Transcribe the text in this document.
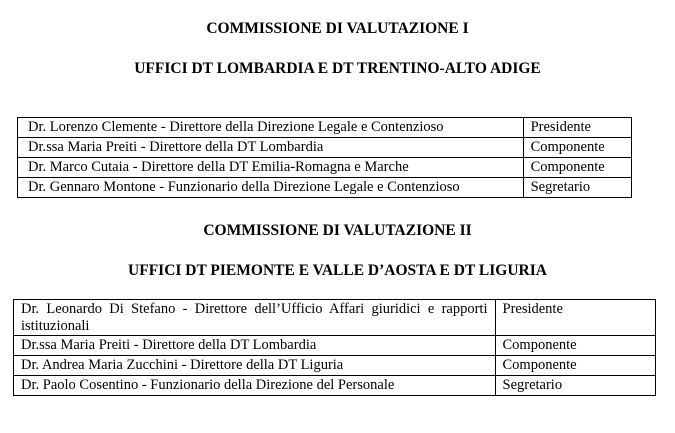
COMMISSIONE DI VALUTAZIONE I
UFFICI DT LOMBARDIA E DT TRENTINO-ALTO ADIGE
Dr. Lorenzo Clemente - Direttore della Direzione Legale e Contenzioso	Presidente
Dr.ssa Maria Preiti - Direttore della DT Lombardia	Componente
Dr. Marco Cutaia - Direttore della DT Emilia-Romagna e Marche	Componente
Dr. Gennaro Montone - Funzionario della Direzione Legale e Contenzioso	Segretario
COMMISSIONE DI VALUTAZIONE II
UFFICI DT PIEMONTE E VALLE D’AOSTA E DT LIGURIA
Dr. Leonardo Di Stefano - Direttore dell’Ufficio Affari giuridici e rapporti istituzionali	Presidente
Dr.ssa Maria Preiti - Direttore della DT Lombardia	Componente
Dr. Andrea Maria Zucchini - Direttore della DT Liguria	Componente
Dr. Paolo Cosentino - Funzionario della Direzione del Personale	Segretario
